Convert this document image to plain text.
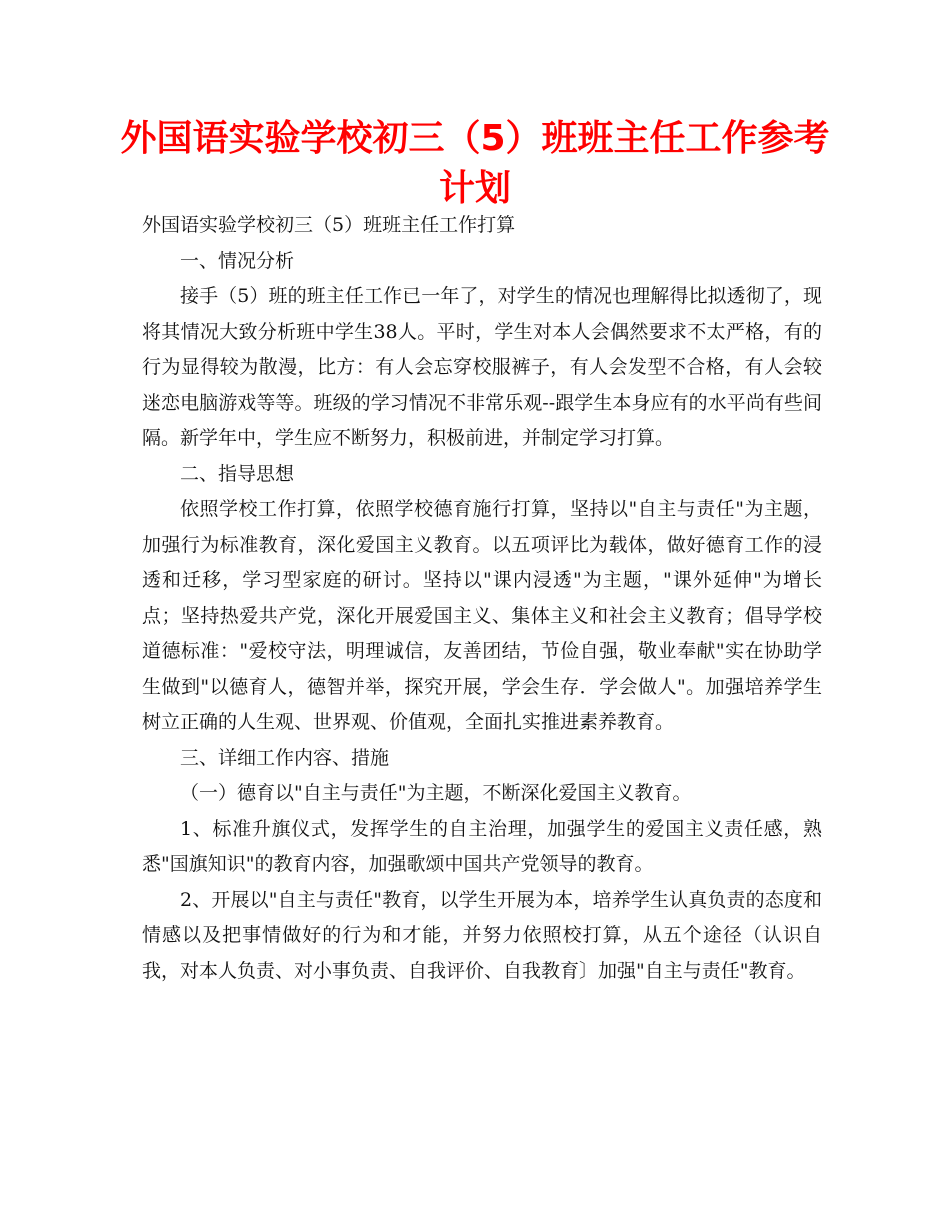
外国语实验学校初三（5）班班主任工作参考计划

外国语实验学校初三（5）班班主任工作打算

一、情况分析

接手（5）班的班主任工作已一年了，对学生的情况也理解得比拟透彻了，现将其情况大致分析班中学生38人。平时，学生对本人会偶然要求不太严格，有的行为显得较为散漫，比方：有人会忘穿校服裤子，有人会发型不合格，有人会较迷恋电脑游戏等等。班级的学习情况不非常乐观--跟学生本身应有的水平尚有些间隔。新学年中，学生应不断努力，积极前进，并制定学习打算。

二、指导思想

依照学校工作打算，依照学校德育施行打算，坚持以"自主与责任"为主题，加强行为标准教育，深化爱国主义教育。以五项评比为载体，做好德育工作的浸透和迁移，学习型家庭的研讨。坚持以"课内浸透"为主题，"课外延伸"为增长点；坚持热爱共产党，深化开展爱国主义、集体主义和社会主义教育；倡导学校道德标准："爱校守法，明理诚信，友善团结，节俭自强，敬业奉献"实在协助学生做到"以德育人，德智并举，探究开展，学会生存．学会做人"。加强培养学生树立正确的人生观、世界观、价值观，全面扎实推进素养教育。

三、详细工作内容、措施

（一）德育以"自主与责任"为主题，不断深化爱国主义教育。

1、标准升旗仪式，发挥学生的自主治理，加强学生的爱国主义责任感，熟悉"国旗知识"的教育内容，加强歌颂中国共产党领导的教育。

2、开展以"自主与责任"教育，以学生开展为本，培养学生认真负责的态度和情感以及把事情做好的行为和才能，并努力依照校打算，从五个途径（认识自我，对本人负责、对小事负责、自我评价、自我教育〕加强"自主与责任"教育。
